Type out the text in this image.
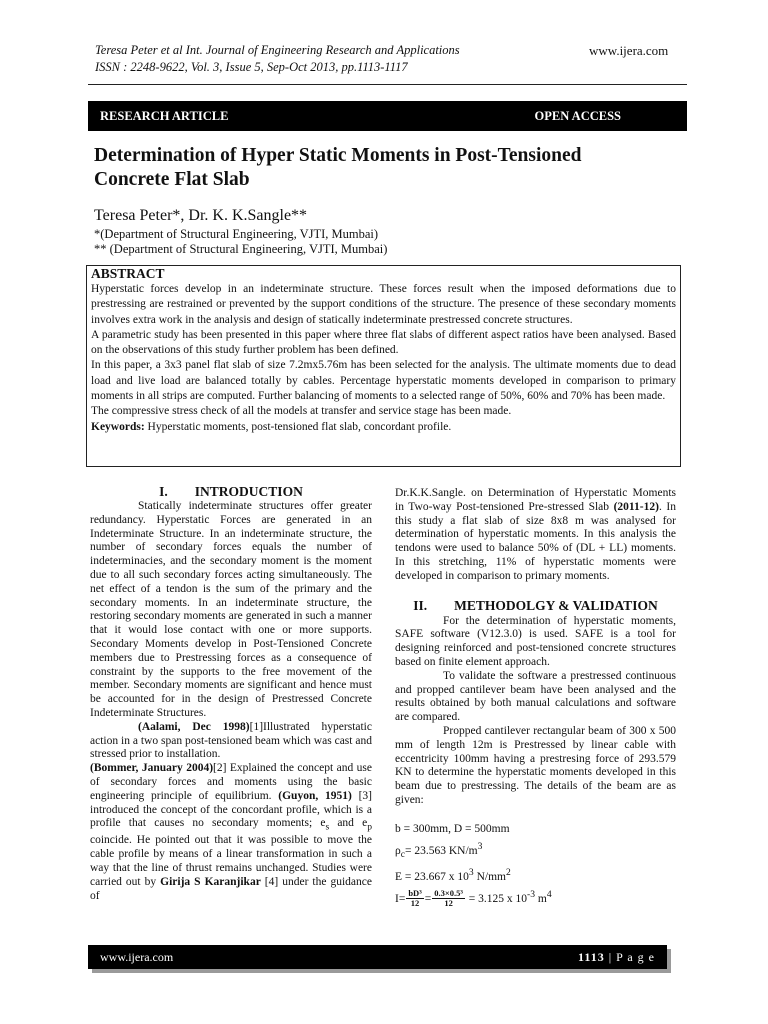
Teresa Peter et al Int. Journal of Engineering Research and Applications
ISSN : 2248-9622, Vol. 3, Issue 5, Sep-Oct 2013, pp.1113-1117
www.ijera.com
RESEARCH ARTICLE	OPEN ACCESS
Determination of Hyper Static Moments in Post-Tensioned Concrete Flat Slab
Teresa Peter*, Dr. K. K.Sangle**
*(Department of Structural Engineering, VJTI, Mumbai)
** (Department of Structural Engineering, VJTI, Mumbai)
ABSTRACT

Hyperstatic forces develop in an indeterminate structure. These forces result when the imposed deformations due to prestressing are restrained or prevented by the support conditions of the structure. The presence of these secondary moments involves extra work in the analysis and design of statically indeterminate prestressed concrete structures.

A parametric study has been presented in this paper where three flat slabs of different aspect ratios have been analysed. Based on the observations of this study further problem has been defined.

In this paper, a 3x3 panel flat slab of size 7.2mx5.76m has been selected for the analysis. The ultimate moments due to dead load and live load are balanced totally by cables. Percentage hyperstatic moments developed in comparison to primary moments in all strips are computed. Further balancing of moments to a selected range of 50%, 60% and 70% has been made.

The compressive stress check of all the models at transfer and service stage has been made.

Keywords: Hyperstatic moments, post-tensioned flat slab, concordant profile.

I.  INTRODUCTION

Statically indeterminate structures offer greater redundancy. Hyperstatic Forces are generated in an Indeterminate Structure. In an indeterminate structure, the number of secondary forces equals the number of indeterminacies, and the secondary moment is the moment due to all such secondary forces acting simultaneously. The net effect of a tendon is the sum of the primary and the secondary moments. In an indeterminate structure, the restoring secondary moments are generated in such a manner that it would lose contact with one or more supports. Secondary Moments develop in Post-Tensioned Concrete members due to Prestressing forces as a consequence of constraint by the supports to the free movement of the member. Secondary moments are significant and hence must be accounted for in the design of Prestressed Concrete Indeterminate Structures.

(Aalami, Dec 1998)[1]Illustrated hyperstatic action in a two span post-tensioned beam which was cast and stressed prior to installation.

(Bommer, January 2004)[2] Explained the concept and use of secondary forces and moments using the basic engineering principle of equilibrium. (Guyon, 1951) [3] introduced the concept of the concordant profile, which is a profile that causes no secondary moments; $e_s$ and $e_p$ coincide. He pointed out that it was possible to move the cable profile by means of a linear transformation in such a way that the line of thrust remains unchanged. Studies were carried out by Girija S Karanjikar [4] under the guidance of

Dr.K.K.Sangle. on Determination of Hyperstatic Moments in Two-way Post-tensioned Pre-stressed Slab (2011-12). In this study a flat slab of size 8x8 m was analysed for determination of hyperstatic moments. In this analysis the tendons were used to balance 50% of (DL + LL) moments. In this stretching, 11% of hyperstatic moments were developed in comparison to primary moments.

II.  METHODOLGY & VALIDATION

For the determination of hyperstatic moments, SAFE software (V12.3.0) is used. SAFE is a tool for designing reinforced and post-tensioned concrete structures based on finite element approach.

To validate the software a prestressed continuous and propped cantilever beam have been analysed and the results obtained by both manual calculations and software are compared.

Propped cantilever rectangular beam of 300 x 500 mm of length 12m is Prestressed by linear cable with eccentricity 100mm having a prestresing force of 293.579 KN to determine the hyperstatic moments developed in this beam due to prestressing. The details of the beam are as given:

b = 300mm, D = 500mm
$\rho_c= 23.563$ $KN/m^3$
E = 23.667 x $10^3$ $N/mm^2$
$I= \frac{\text{bD³}}{12} = \frac{\text{0.3×0.5³}}{12} = 3.125$ x $10^{-3}$ $m^4$
www.ijera.com	1113 | P a g e
